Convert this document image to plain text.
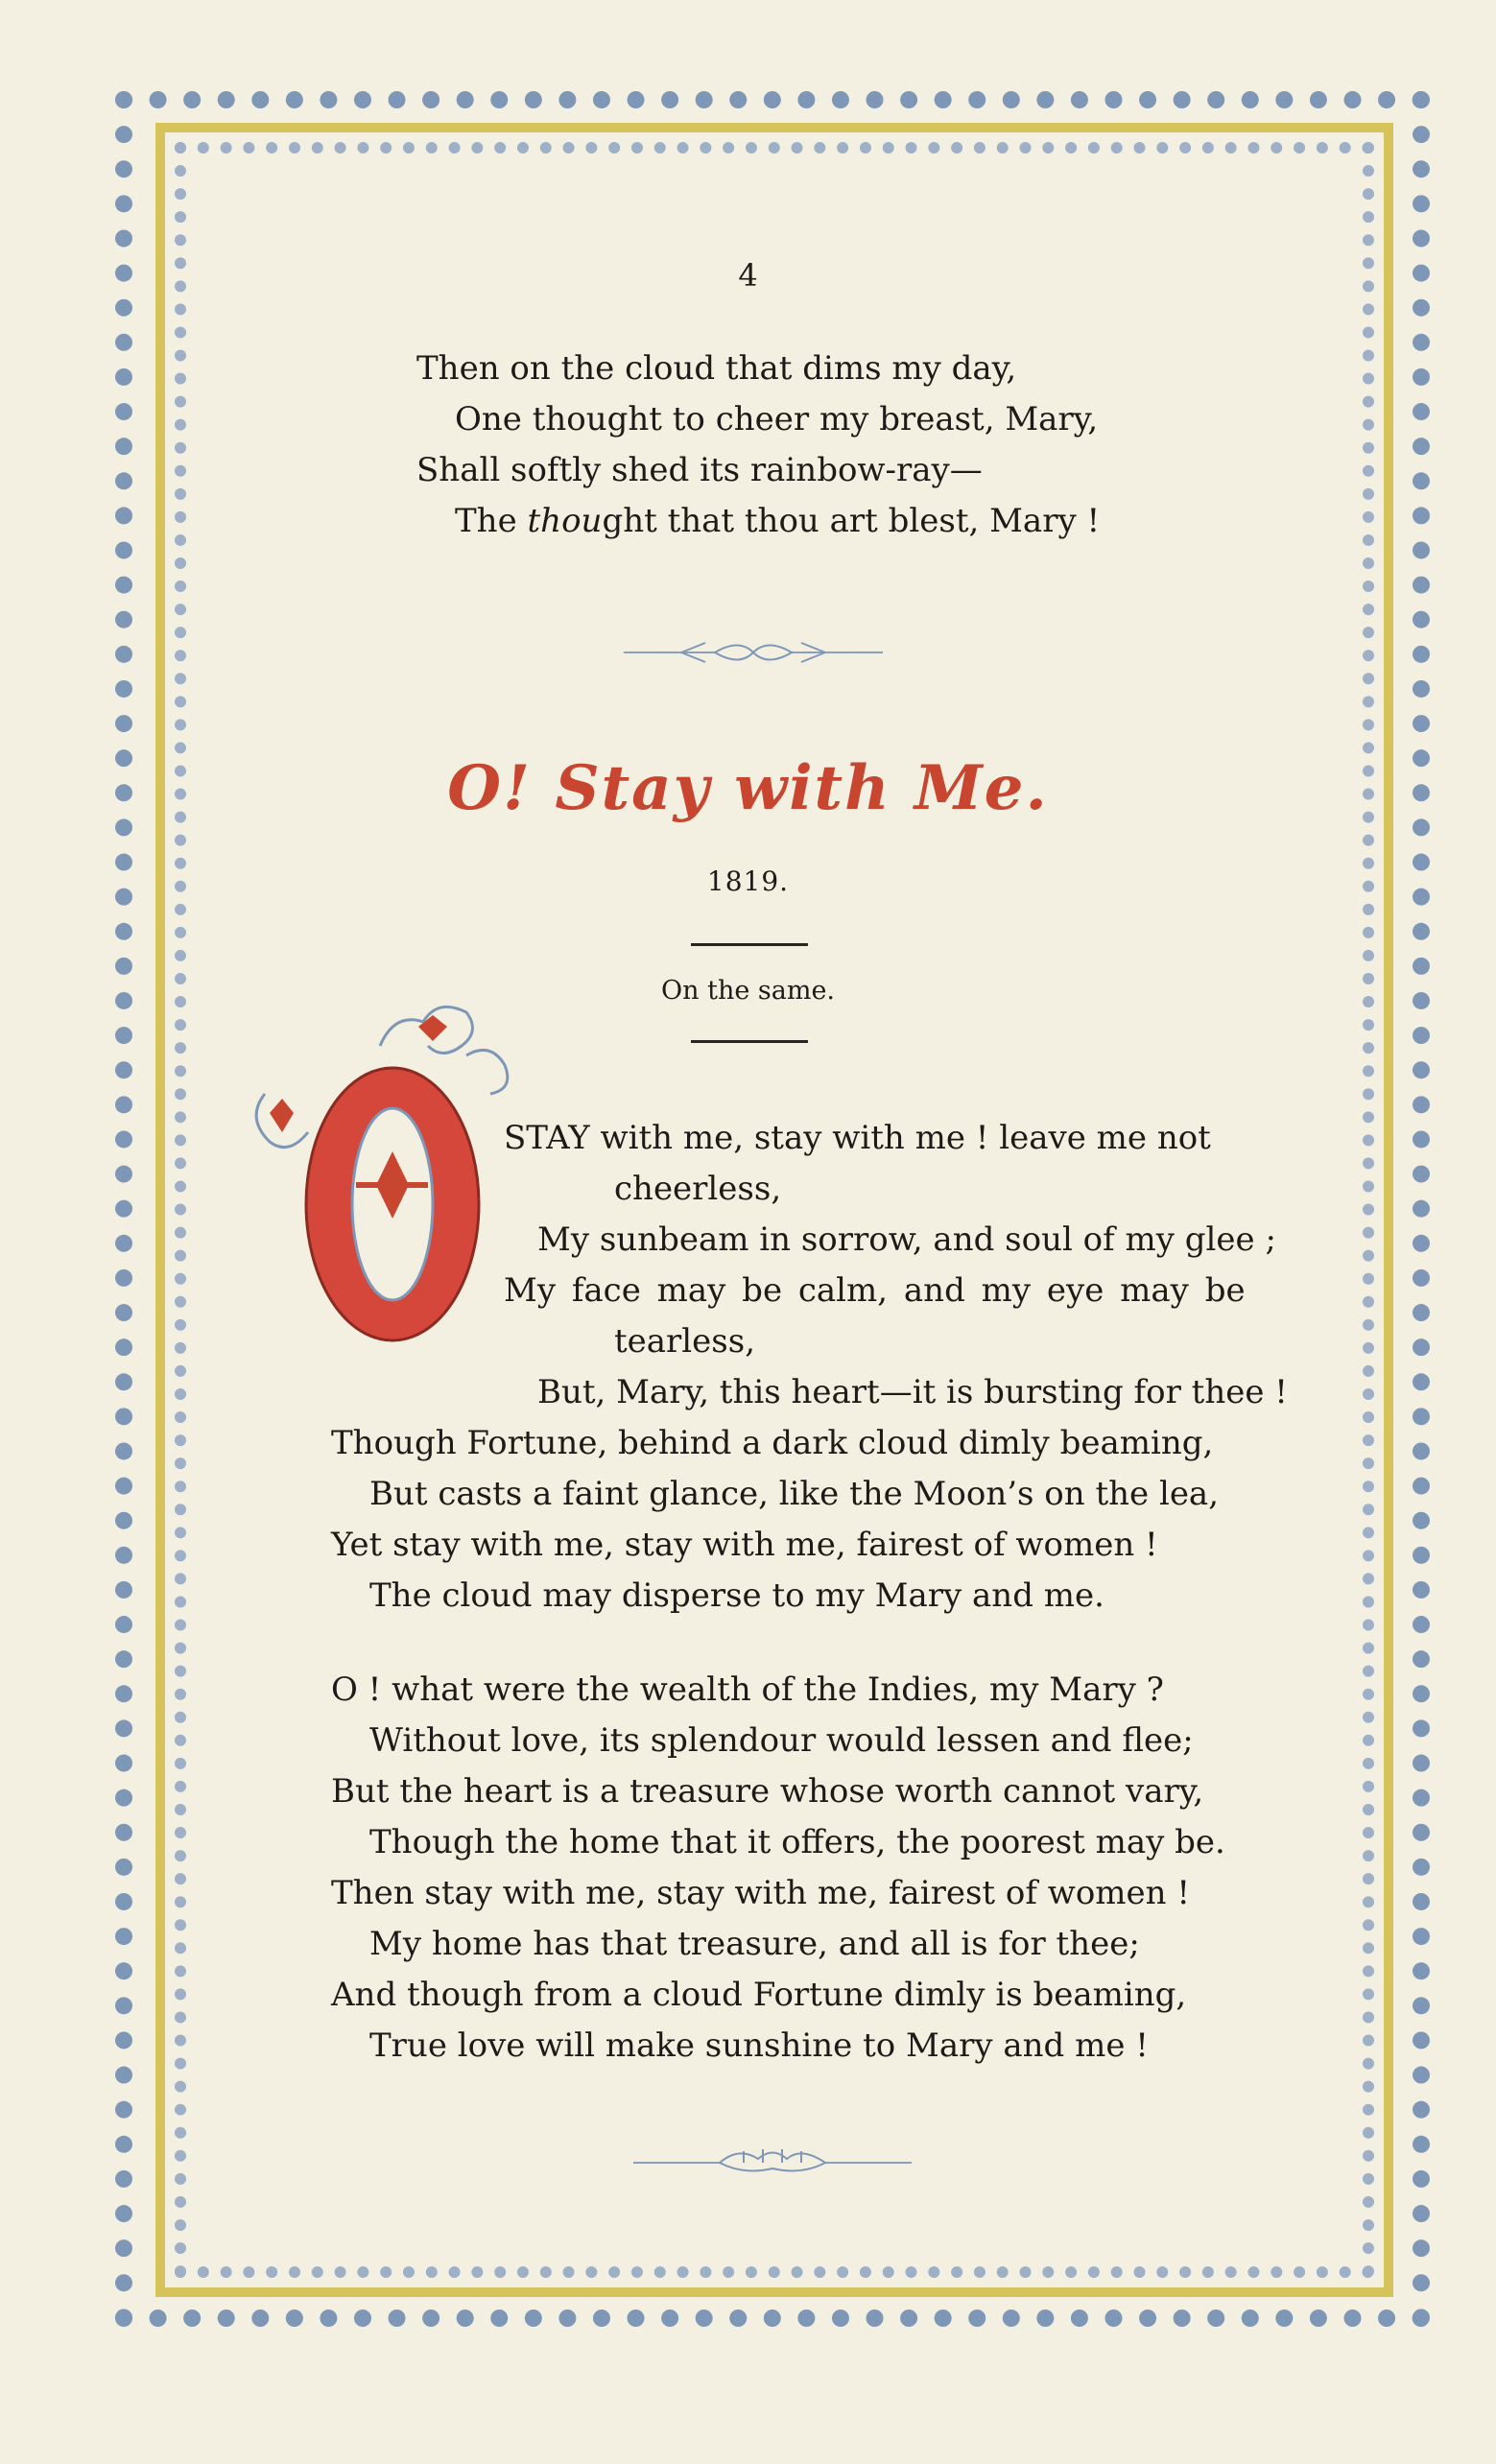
4
Then on the cloud that dims my day,
One thought to cheer my breast, Mary,
Shall softly shed its rainbow-ray—
The thought that thou art blest, Mary !
O! Stay with Me.
1819.
On the same.
O
STAY with me, stay with me ! leave me not
cheerless,
My sunbeam in sorrow, and soul of my glee ;
My face may be calm, and my eye may be
tearless,
But, Mary, this heart—it is bursting for thee !
Though Fortune, behind a dark cloud dimly beaming,
But casts a faint glance, like the Moon’s on the lea,
Yet stay with me, stay with me, fairest of women !
The cloud may disperse to my Mary and me.
O ! what were the wealth of the Indies, my Mary ?
Without love, its splendour would lessen and flee;
But the heart is a treasure whose worth cannot vary,
Though the home that it offers, the poorest may be.
Then stay with me, stay with me, fairest of women !
My home has that treasure, and all is for thee;
And though from a cloud Fortune dimly is beaming,
True love will make sunshine to Mary and me !
